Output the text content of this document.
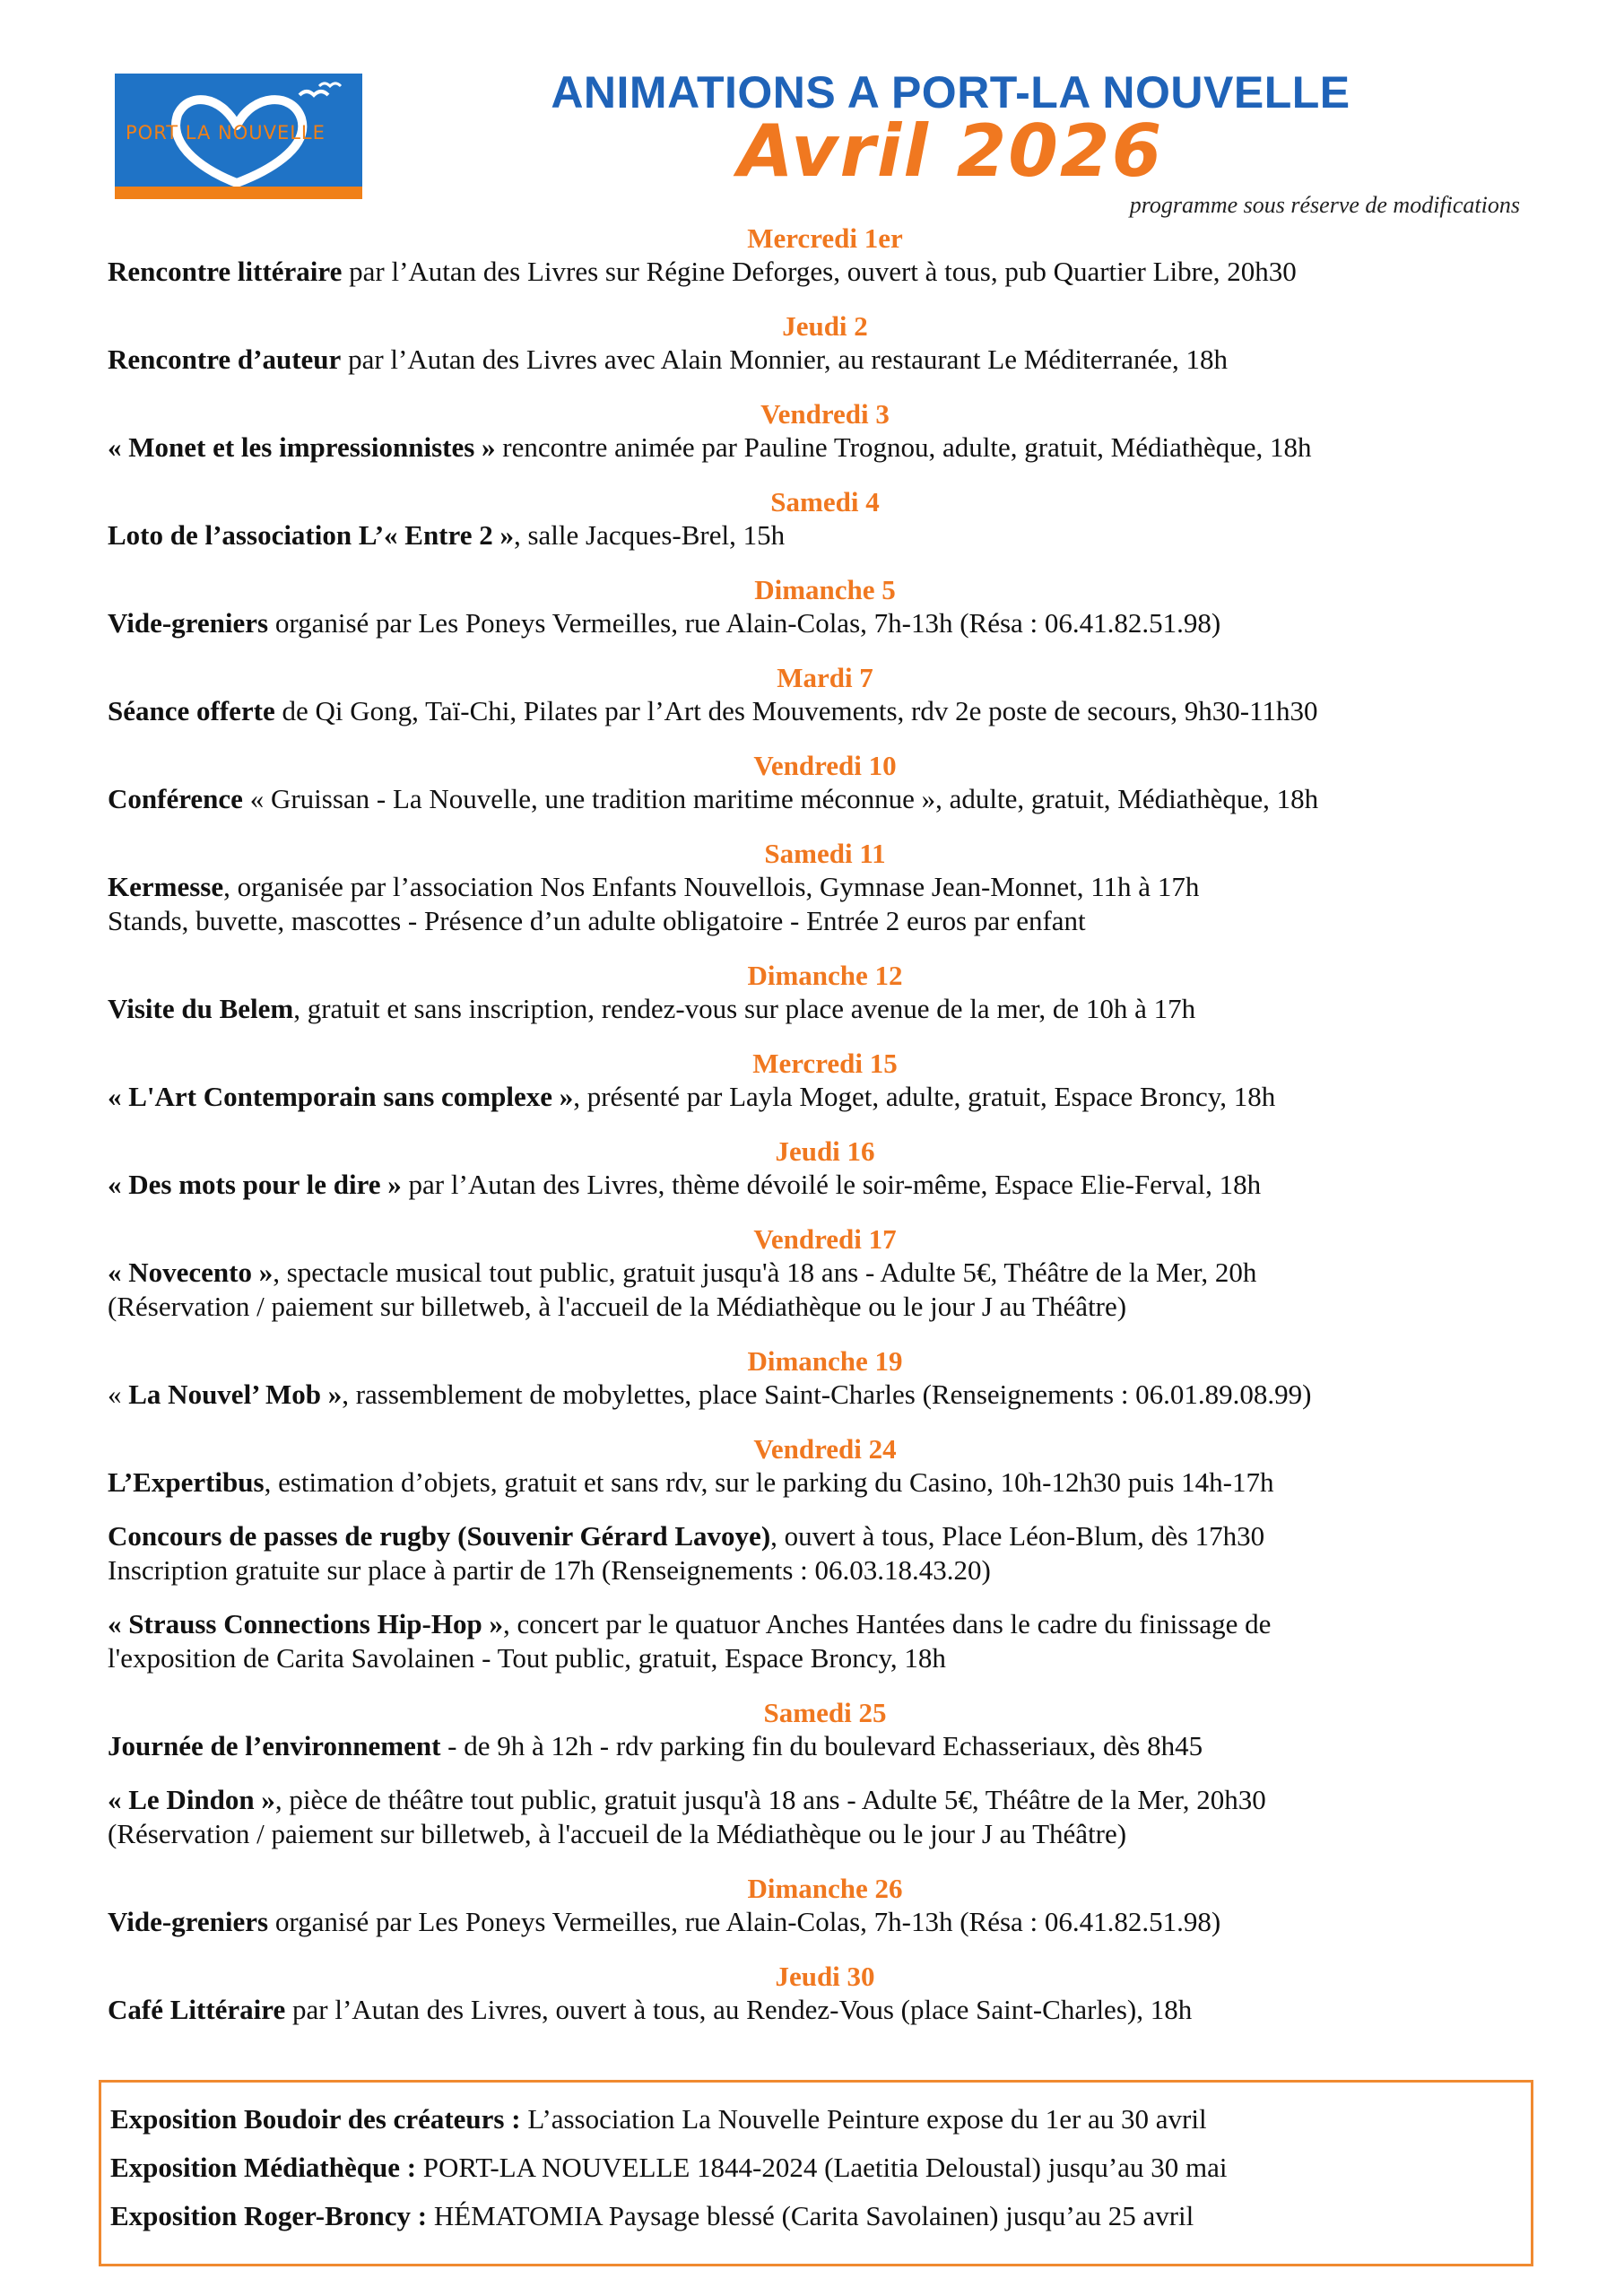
PORT LA NOUVELLE
ANIMATIONS A PORT-LA NOUVELLE
Avril 2026
programme sous réserve de modifications
Mercredi 1er
Rencontre littéraire par l’Autan des Livres sur Régine Deforges, ouvert à tous, pub Quartier Libre, 20h30
Jeudi 2
Rencontre d’auteur par l’Autan des Livres avec Alain Monnier, au restaurant Le Méditerranée, 18h
Vendredi 3
« Monet et les impressionnistes » rencontre animée par Pauline Trognou, adulte, gratuit, Médiathèque, 18h
Samedi 4
Loto de l’association L’« Entre 2 », salle Jacques-Brel, 15h
Dimanche 5
Vide-greniers organisé par Les Poneys Vermeilles, rue Alain-Colas, 7h-13h (Résa : 06.41.82.51.98)
Mardi 7
Séance offerte de Qi Gong, Taï-Chi, Pilates par l’Art des Mouvements, rdv 2e poste de secours, 9h30-11h30
Vendredi 10
Conférence « Gruissan - La Nouvelle, une tradition maritime méconnue », adulte, gratuit, Médiathèque, 18h
Samedi 11
Kermesse, organisée par l’association Nos Enfants Nouvellois, Gymnase Jean-Monnet, 11h à 17h
Stands, buvette, mascottes - Présence d’un adulte obligatoire - Entrée 2 euros par enfant
Dimanche 12
Visite du Belem, gratuit et sans inscription, rendez-vous sur place avenue de la mer, de 10h à 17h
Mercredi 15
« L'Art Contemporain sans complexe », présenté par Layla Moget, adulte, gratuit, Espace Broncy, 18h
Jeudi 16
« Des mots pour le dire » par l’Autan des Livres, thème dévoilé le soir-même, Espace Elie-Ferval, 18h
Vendredi 17
« Novecento », spectacle musical tout public, gratuit jusqu'à 18 ans - Adulte 5€, Théâtre de la Mer, 20h
(Réservation / paiement sur billetweb, à l'accueil de la Médiathèque ou le jour J au Théâtre)
Dimanche 19
« La Nouvel’ Mob », rassemblement de mobylettes, place Saint-Charles (Renseignements : 06.01.89.08.99)
Vendredi 24
L’Expertibus, estimation d’objets, gratuit et sans rdv, sur le parking du Casino, 10h-12h30 puis 14h-17h
Concours de passes de rugby (Souvenir Gérard Lavoye), ouvert à tous, Place Léon-Blum, dès 17h30
Inscription gratuite sur place à partir de 17h (Renseignements : 06.03.18.43.20)
« Strauss Connections Hip-Hop », concert par le quatuor Anches Hantées dans le cadre du finissage de
l'exposition de Carita Savolainen - Tout public, gratuit, Espace Broncy, 18h
Samedi 25
Journée de l’environnement - de 9h à 12h - rdv parking fin du boulevard Echasseriaux, dès 8h45
« Le Dindon », pièce de théâtre tout public, gratuit jusqu'à 18 ans - Adulte 5€, Théâtre de la Mer, 20h30
(Réservation / paiement sur billetweb, à l'accueil de la Médiathèque ou le jour J au Théâtre)
Dimanche 26
Vide-greniers organisé par Les Poneys Vermeilles, rue Alain-Colas, 7h-13h (Résa : 06.41.82.51.98)
Jeudi 30
Café Littéraire par l’Autan des Livres, ouvert à tous, au Rendez-Vous (place Saint-Charles), 18h
Exposition Boudoir des créateurs : L’association La Nouvelle Peinture expose du 1er au 30 avril
Exposition Médiathèque : PORT-LA NOUVELLE 1844-2024 (Laetitia Deloustal) jusqu’au 30 mai
Exposition Roger-Broncy : HÉMATOMIA Paysage blessé (Carita Savolainen) jusqu’au 25 avril
